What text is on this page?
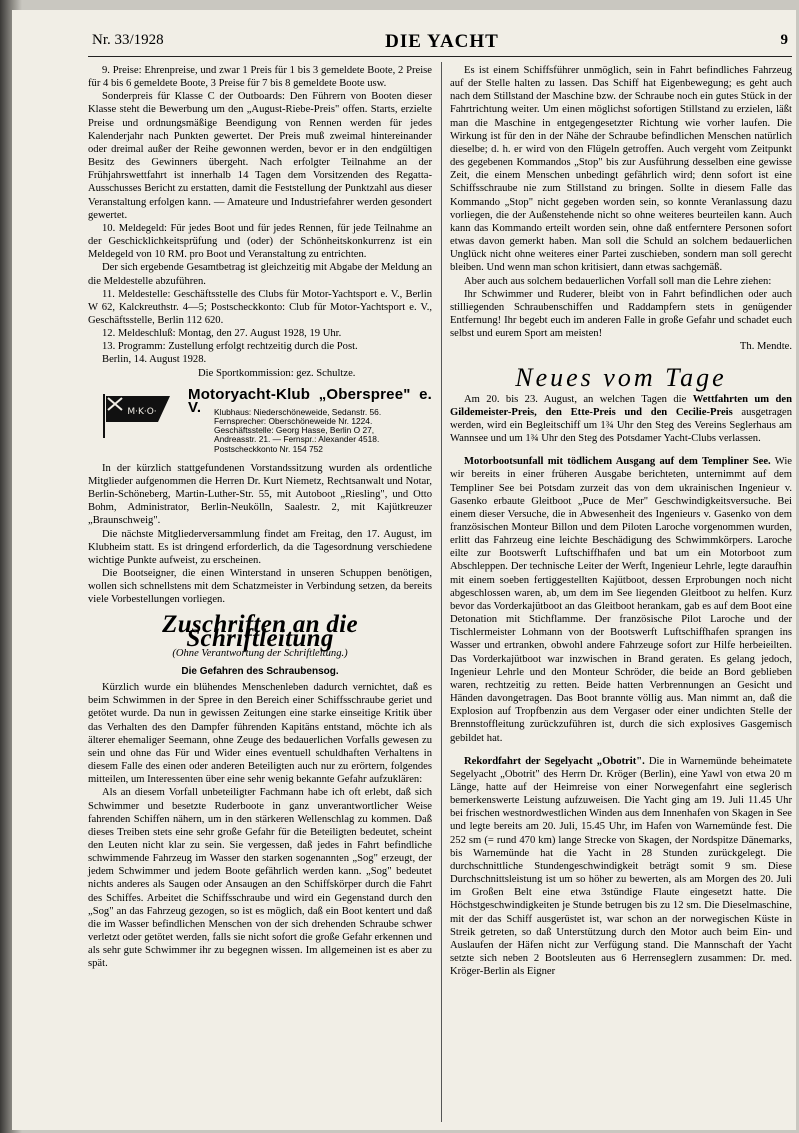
Nr. 33/1928	DIE YACHT	9

9. Preise: Ehrenpreise, und zwar 1 Preis für 1 bis 3 gemeldete Boote, 2 Preise für 4 bis 6 gemeldete Boote, 3 Preise für 7 bis 8 gemeldete Boote usw.

Sonderpreis für Klasse C der Outboards: Den Führern von Booten dieser Klasse steht die Bewerbung um den „August-Riebe-Preis" offen. Starts, erzielte Preise und ordnungsmäßige Beendigung von Rennen werden für jedes Kalenderjahr nach Punkten gewertet. Der Preis muß zweimal hintereinander oder dreimal außer der Reihe gewonnen werden, bevor er in den endgültigen Besitz des Gewinners übergeht. Nach erfolgter Teilnahme an der Frühjahrswettfahrt ist innerhalb 14 Tagen dem Vorsitzenden des Regatta-Ausschusses Bericht zu erstatten, damit die Feststellung der Punktzahl aus dieser Veranstaltung erfolgen kann. — Amateure und Industriefahrer werden gesondert gewertet.

10. Meldegeld: Für jedes Boot und für jedes Rennen, für jede Teilnahme an der Geschicklichkeitsprüfung und (oder) der Schönheitskonkurrenz ist ein Meldegeld von 10 RM. pro Boot und Veranstaltung zu entrichten.

Der sich ergebende Gesamtbetrag ist gleichzeitig mit Abgabe der Meldung an die Meldestelle abzuführen.

11. Meldestelle: Geschäftsstelle des Clubs für Motor-Yachtsport e. V., Berlin W 62, Kalckreuthstr. 4—5; Postscheckkonto: Club für Motor-Yachtsport e. V., Geschäftsstelle, Berlin 112 620.

12. Meldeschluß: Montag, den 27. August 1928, 19 Uhr.

13. Programm: Zustellung erfolgt rechtzeitig durch die Post.

Berlin, 14. August 1928.

Die Sportkommission: gez. Schultze.

M·K·O·
Motoryacht-Klub „Oberspree" e. V.	Klubhaus: Niederschöneweide, Sedanstr. 56.
Fernsprecher: Oberschöneweide Nr. 1224.
Geschäftsstelle: Georg Hasse, Berlin O 27,
Andreasstr. 21. — Fernspr.: Alexander 4518.
Postscheckkonto Nr. 154 752

In der kürzlich stattgefundenen Vorstandssitzung wurden als ordentliche Mitglieder aufgenommen die Herren Dr. Kurt Niemetz, Rechtsanwalt und Notar, Berlin-Schöneberg, Martin-Luther-Str. 55, mit Autoboot „Riesling", und Otto Bohm, Administrator, Berlin-Neukölln, Saalestr. 2, mit Kajütkreuzer „Braunschweig".

Die nächste Mitgliederversammlung findet am Freitag, den 17. August, im Klubheim statt. Es ist dringend erforderlich, da die Tagesordnung verschiedene wichtige Punkte aufweist, zu erscheinen.

Die Bootseigner, die einen Winterstand in unseren Schuppen benötigen, wollen sich schnellstens mit dem Schatzmeister in Verbindung setzen, da bereits viele Vorbestellungen vorliegen.

Zuschriften an die Schriftleitung
(Ohne Verantwortung der Schriftleitung.)
Die Gefahren des Schraubensog.

Kürzlich wurde ein blühendes Menschenleben dadurch vernichtet, daß es beim Schwimmen in der Spree in den Bereich einer Schiffsschraube geriet und getötet wurde. Da nun in gewissen Zeitungen eine starke einseitige Kritik über das Verhalten des den Dampfer führenden Kapitäns entstand, möchte ich als älterer ehemaliger Seemann, ohne Zeuge des bedauerlichen Vorfalls gewesen zu sein und ohne das Für und Wider eines eventuell schuldhaften Verhaltens in diesem Falle des einen oder anderen Beteiligten auch nur zu erörtern, folgendes mitteilen, um Interessenten über eine sehr wenig bekannte Gefahr aufzuklären:

Als an diesem Vorfall unbeteiligter Fachmann habe ich oft erlebt, daß sich Schwimmer und besetzte Ruderboote in ganz unverantwortlicher Weise fahrenden Schiffen nähern, um in den stärkeren Wellenschlag zu kommen. Daß dieses Treiben stets eine sehr große Gefahr für die Beteiligten bedeutet, scheint den Leuten nicht klar zu sein. Sie vergessen, daß jedes in Fahrt befindliche schwimmende Fahrzeug im Wasser den starken sogenannten „Sog" erzeugt, der jedem Schwimmer und jedem Boote gefährlich werden kann. „Sog" bedeutet nichts anderes als Saugen oder Ansaugen an den Schiffskörper durch die Fahrt des Schiffes. Arbeitet die Schiffsschraube und wird ein Gegenstand durch den „Sog" an das Fahrzeug gezogen, so ist es möglich, daß ein Boot kentert und daß die im Wasser befindlichen Menschen von der sich drehenden Schraube schwer verletzt oder getötet werden, falls sie nicht sofort die große Gefahr erkennen und als sehr gute Schwimmer ihr zu begegnen wissen. Im allgemeinen ist es aber zu spät.

Es ist einem Schiffsführer unmöglich, sein in Fahrt befindliches Fahrzeug auf der Stelle halten zu lassen. Das Schiff hat Eigenbewegung; es geht auch nach dem Stillstand der Maschine bzw. der Schraube noch ein gutes Stück in der Fahrtrichtung weiter. Um einen möglichst sofortigen Stillstand zu erzielen, läßt man die Maschine in entgegengesetzter Richtung wie vorher laufen. Die Wirkung ist für den in der Nähe der Schraube befindlichen Menschen natürlich dieselbe; d. h. er wird von den Flügeln getroffen. Auch vergeht vom Zeitpunkt des gegebenen Kommandos „Stop" bis zur Ausführung desselben eine gewisse Zeit, die einem Menschen unbedingt gefährlich wird; denn sofort ist eine Schiffsschraube nie zum Stillstand zu bringen. Sollte in diesem Falle das Kommando „Stop" nicht gegeben worden sein, so konnte Veranlassung dazu vorliegen, die der Außenstehende nicht so ohne weiteres beurteilen kann. Auch kann das Kommando erteilt worden sein, ohne daß entferntere Personen sofort etwas davon gemerkt haben. Man soll die Schuld an solchem bedauerlichen Unglück nicht ohne weiteres einer Partei zuschieben, sondern man soll gerecht bleiben. Und wenn man schon kritisiert, dann etwas sachgemäß.

Aber auch aus solchem bedauerlichen Vorfall soll man die Lehre ziehen:

Ihr Schwimmer und Ruderer, bleibt von in Fahrt befindlichen oder auch stilliegenden Schraubenschiffen und Raddampfern stets in genügender Entfernung! Ihr begebt euch im anderen Falle in große Gefahr und schadet euch selbst und eurem Sport am meisten!

Th. Mendte.

Neues vom Tage

Am 20. bis 23. August, an welchen Tagen die Wettfahrten um den Gildemeister-Preis, den Ette-Preis und den Cecilie-Preis ausgetragen werden, wird ein Begleitschiff um 1¾ Uhr den Steg des Vereins Seglerhaus am Wannsee und um 1¾ Uhr den Steg des Potsdamer Yacht-Clubs verlassen.

Motorbootsunfall mit tödlichem Ausgang auf dem Templiner See. Wie wir bereits in einer früheren Ausgabe berichteten, unternimmt auf dem Templiner See bei Potsdam zurzeit das von dem ukrainischen Ingenieur v. Gasenko erbaute Gleitboot „Puce de Mer" Geschwindigkeitsversuche. Bei einem dieser Versuche, die in Abwesenheit des Ingenieurs v. Gasenko von dem französischen Monteur Billon und dem Piloten Laroche vorgenommen wurden, erlitt das Fahrzeug eine leichte Beschädigung des Schwimmkörpers. Laroche eilte zur Bootswerft Luftschiffhafen und bat um ein Motorboot zum Abschleppen. Der technische Leiter der Werft, Ingenieur Lehrle, legte daraufhin mit einem soeben fertiggestellten Kajütboot, dessen Erprobungen noch nicht abgeschlossen waren, ab, um dem im See liegenden Gleitboot zu helfen. Kurz bevor das Vorderkajütboot an das Gleitboot herankam, gab es auf dem Boot eine Detonation mit Stichflamme. Der französische Pilot Laroche und der Tischlermeister Lohmann von der Bootswerft Luftschiffhafen sprangen ins Wasser und ertranken, obwohl andere Fahrzeuge sofort zur Hilfe herbeieilten. Das Vorderkajütboot war inzwischen in Brand geraten. Es gelang jedoch, Ingenieur Lehrle und den Monteur Schröder, die beide an Bord geblieben waren, rechtzeitig zu retten. Beide hatten Verbrennungen an Gesicht und Händen davongetragen. Das Boot brannte völlig aus. Man nimmt an, daß die Explosion auf Tropfbenzin aus dem Vergaser oder einer undichten Stelle der Brennstoffleitung zurückzuführen ist, durch die sich explosives Gasgemisch gebildet hat.

Rekordfahrt der Segelyacht „Obotrit". Die in Warnemünde beheimatete Segelyacht „Obotrit" des Herrn Dr. Kröger (Berlin), eine Yawl von etwa 20 m Länge, hatte auf der Heimreise von einer Norwegenfahrt eine seglerisch bemerkenswerte Leistung aufzuweisen. Die Yacht ging am 19. Juli 11.45 Uhr bei frischen westnordwestlichen Winden aus dem Innenhafen von Skagen in See und legte bereits am 20. Juli, 15.45 Uhr, im Hafen von Warnemünde fest. Die 252 sm (= rund 470 km) lange Strecke von Skagen, der Nordspitze Dänemarks, bis Warnemünde hat die Yacht in 28 Stunden zurückgelegt. Die durchschnittliche Stundengeschwindigkeit beträgt somit 9 sm. Diese Durchschnittsleistung ist um so höher zu bewerten, als am Morgen des 20. Juli im Großen Belt eine etwa 3stündige Flaute eingesetzt hatte. Die Höchstgeschwindigkeiten je Stunde betrugen bis zu 12 sm. Die Dieselmaschine, mit der das Schiff ausgerüstet ist, war schon an der norwegischen Küste in Streik getreten, so daß Unterstützung durch den Motor auch beim Ein- und Auslaufen der Häfen nicht zur Verfügung stand. Die Mannschaft der Yacht setzte sich neben 2 Bootsleuten aus 6 Herrenseglern zusammen: Dr. med. Kröger-Berlin als Eigner
